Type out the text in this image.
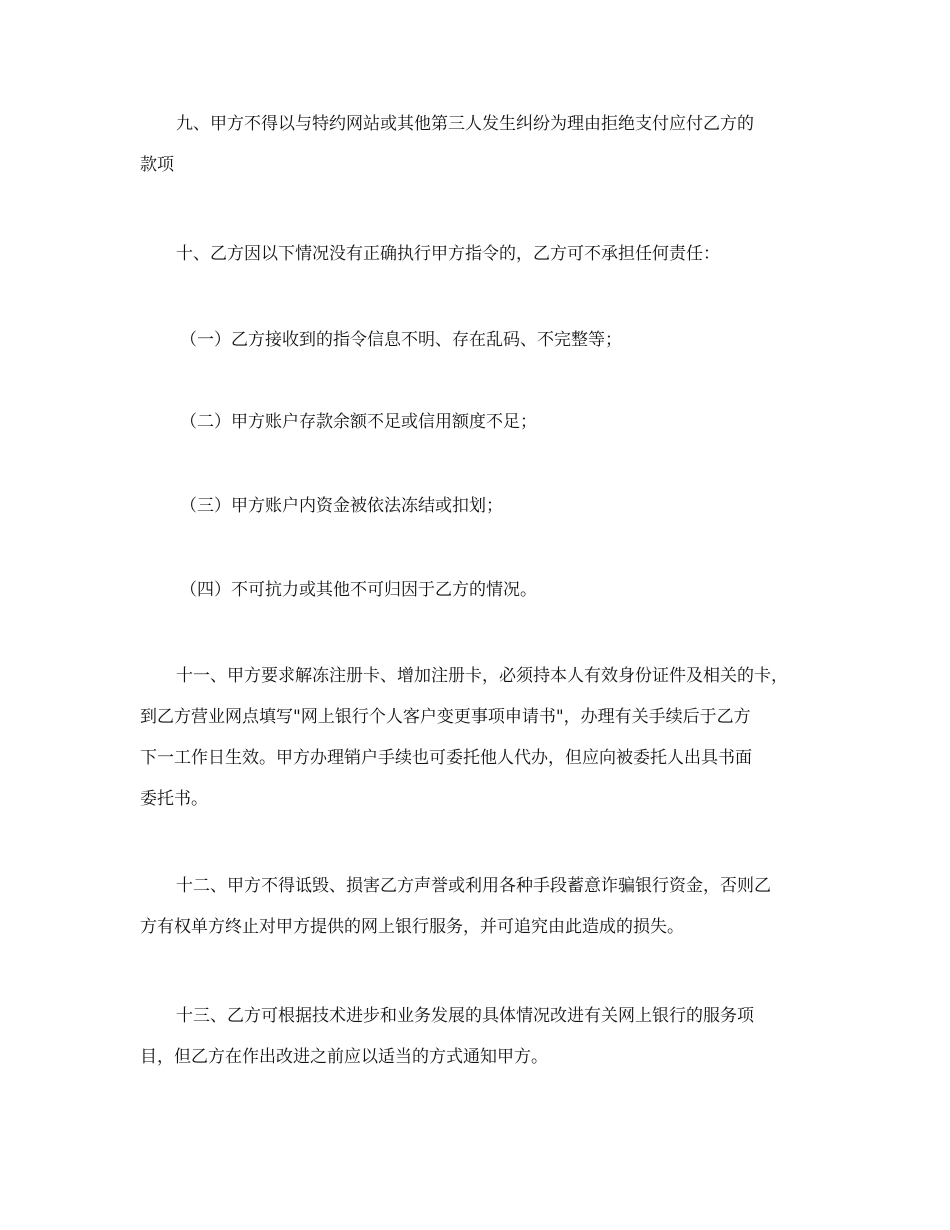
九、甲方不得以与特约网站或其他第三人发生纠纷为理由拒绝支付应付乙方的
款项

十、乙方因以下情况没有正确执行甲方指令的，乙方可不承担任何责任：

（一）乙方接收到的指令信息不明、存在乱码、不完整等；

（二）甲方账户存款余额不足或信用额度不足；

（三）甲方账户内资金被依法冻结或扣划；

（四）不可抗力或其他不可归因于乙方的情况。

十一、甲方要求解冻注册卡、增加注册卡，必须持本人有效身份证件及相关的卡，
到乙方营业网点填写"网上银行个人客户变更事项申请书"，办理有关手续后于乙方
下一工作日生效。甲方办理销户手续也可委托他人代办，但应向被委托人出具书面
委托书。

十二、甲方不得诋毁、损害乙方声誉或利用各种手段蓄意诈骗银行资金，否则乙
方有权单方终止对甲方提供的网上银行服务，并可追究由此造成的损失。

十三、乙方可根据技术进步和业务发展的具体情况改进有关网上银行的服务项
目，但乙方在作出改进之前应以适当的方式通知甲方。
